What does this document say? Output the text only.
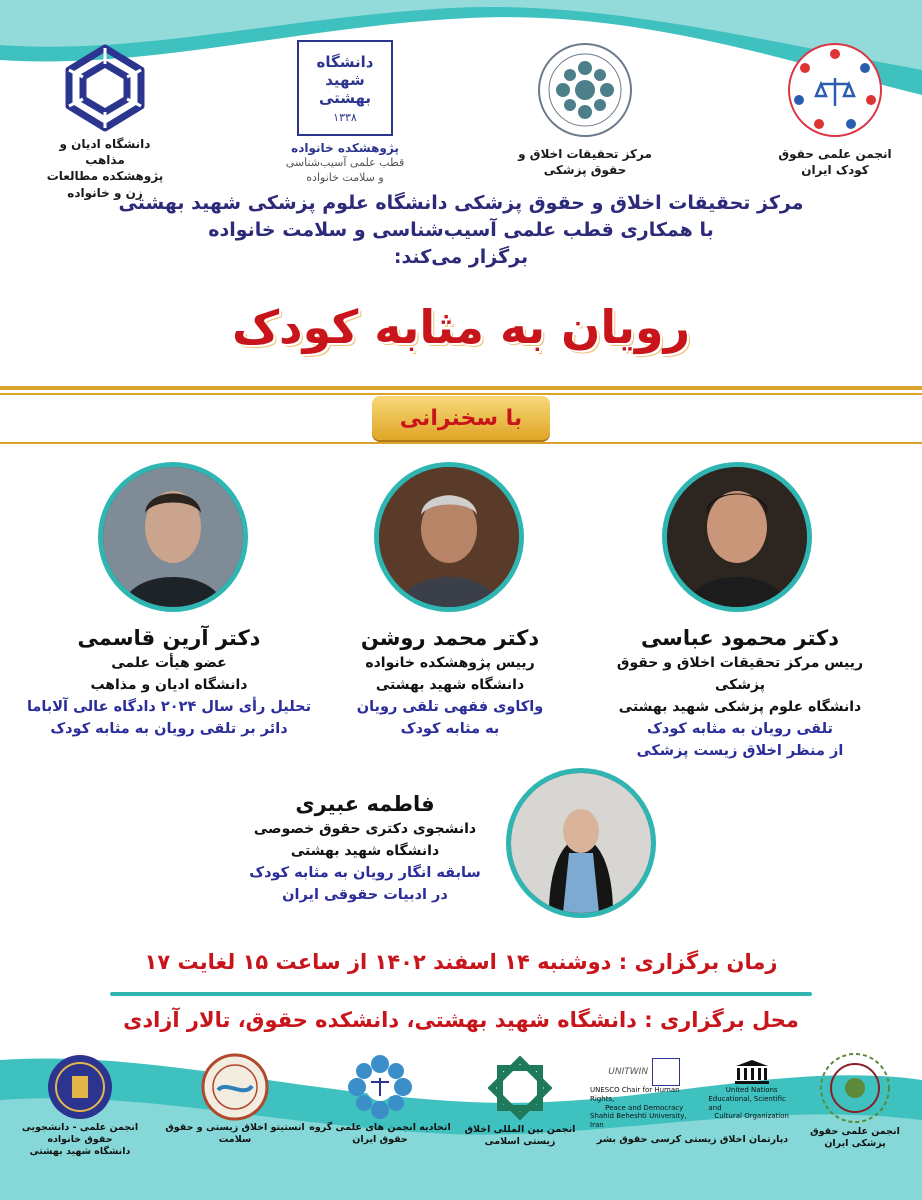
دانشگاه ادیان و مذاهب
پژوهشکده مطالعات زن و خانواده
دانشگاه شهید بهشتی
۱۳۳۸
پژوهشکده خانواده
قطب علمی آسیب‌شناسی
و سلامت خانواده
مرکز تحقیقات اخلاق و حقوق پزشکی
انجمن علمی حقوق کودک ایران
مرکز تحقیقات اخلاق و حقوق پزشکی دانشگاه علوم پزشکی شهید بهشتی
با همکاری قطب علمی آسیب‌شناسی و سلامت خانواده
برگزار می‌کند:
رویان به مثابه کودک
با سخنرانی
دکتر محمود عباسی
رییس مرکز تحقیقات اخلاق و حقوق پزشکی
دانشگاه علوم پزشکی شهید بهشتی
تلقی رویان به مثابه کودک
از منظر اخلاق زیست پزشکی
دکتر محمد روشن
رییس پژوهشکده خانواده
دانشگاه شهید بهشتی
واکاوی فقهی تلقی رویان
به مثابه کودک
دکتر آرین قاسمی
عضو هیأت علمی
دانشگاه ادیان و مذاهب
تحلیل رأی سال ۲۰۲۴ دادگاه عالی آلاباما
دائر بر تلقی رویان به مثابه کودک
فاطمه عبیری
دانشجوی دکتری حقوق خصوصی
دانشگاه شهید بهشتی
سابقه انگار رویان به مثابه کودک
در ادبیات حقوقی ایران
زمان برگزاری : دوشنبه ۱۴ اسفند ۱۴۰۲ از ساعت ۱۵ لغایت ۱۷
محل برگزاری : دانشگاه شهید بهشتی، دانشکده حقوق، تالار آزادی
انجمن علمی حقوق پزشکی ایران
UNITWIN
UNESCO Chair for Human Rights,
Peace and Democracy
Shahid Beheshti University, Iran
United Nations
Educational, Scientific and
Cultural Organization
دپارتمان اخلاق زیستی کرسی حقوق بشر
انجمن بین المللی اخلاق زیستی اسلامی
اتحادیه انجمن های علمی گروه حقوق ایران
انستیتو اخلاق زیستی و حقوق سلامت
انجمن علمی - دانشجویی حقوق خانواده
دانشگاه شهید بهشتی
